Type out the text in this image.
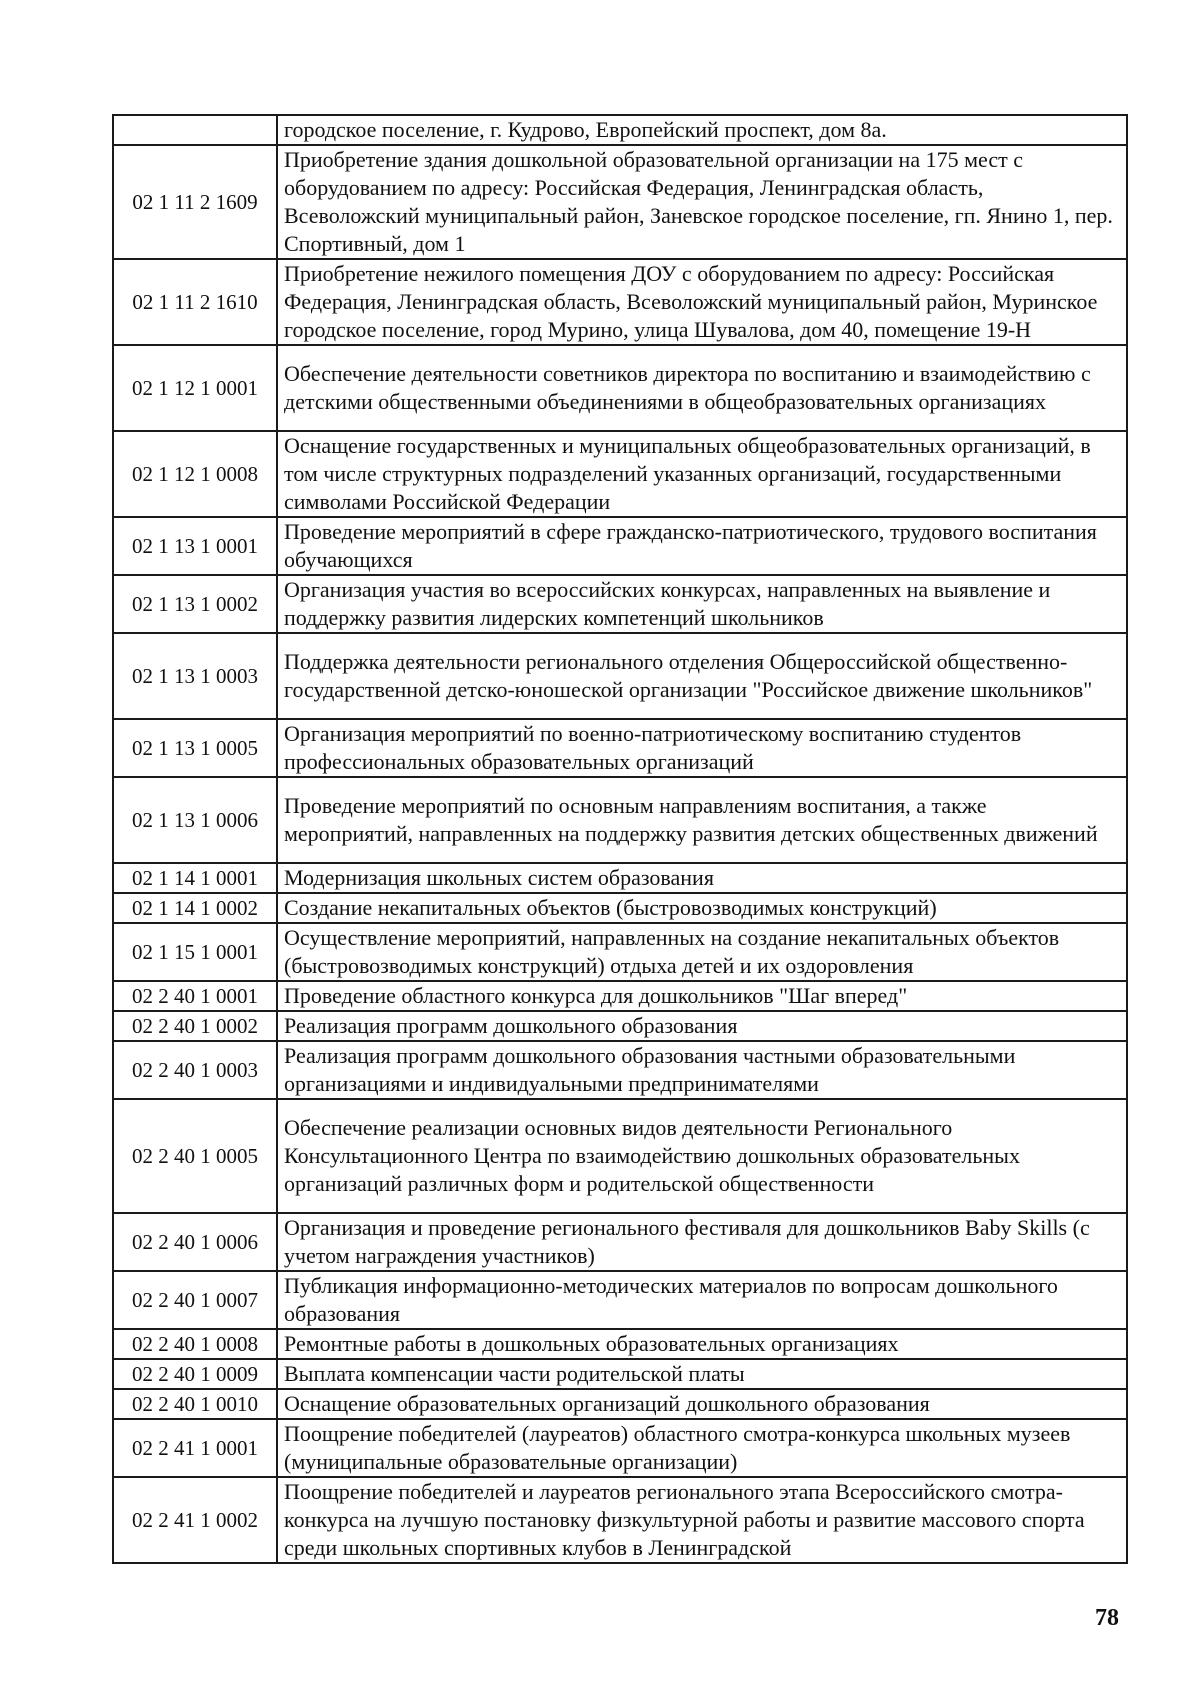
	городское поселение, г. Кудрово, Европейский проспект, дом 8а.
02 1 11 2 1609	Приобретение здания дошкольной образовательной организации на 175 мест с оборудованием по адресу: Российская Федерация, Ленинградская область, Всеволожский муниципальный район, Заневское городское поселение, гп. Янино 1, пер. Спортивный, дом 1
02 1 11 2 1610	Приобретение нежилого помещения ДОУ с оборудованием по адресу: Российская Федерация, Ленинградская область, Всеволожский муниципальный район, Муринское городское поселение, город Мурино, улица Шувалова, дом 40, помещение 19-Н
02 1 12 1 0001	Обеспечение деятельности советников директора по воспитанию и взаимодействию с детскими общественными объединениями в общеобразовательных организациях
02 1 12 1 0008	Оснащение государственных и муниципальных общеобразовательных организаций, в том числе структурных подразделений указанных организаций, государственными символами Российской Федерации
02 1 13 1 0001	Проведение мероприятий в сфере гражданско-патриотического, трудового воспитания обучающихся
02 1 13 1 0002	Организация участия во всероссийских конкурсах, направленных на выявление и поддержку развития лидерских компетенций школьников
02 1 13 1 0003	Поддержка деятельности регионального отделения Общероссийской общественно-государственной детско-юношеской организации "Российское движение школьников"
02 1 13 1 0005	Организация мероприятий по военно-патриотическому воспитанию студентов профессиональных образовательных организаций
02 1 13 1 0006	Проведение мероприятий по основным направлениям воспитания, а также мероприятий, направленных на поддержку развития детских общественных движений
02 1 14 1 0001	Модернизация школьных систем образования
02 1 14 1 0002	Создание некапитальных объектов (быстровозводимых конструкций)
02 1 15 1 0001	Осуществление мероприятий, направленных на создание некапитальных объектов (быстровозводимых конструкций) отдыха детей и их оздоровления
02 2 40 1 0001	Проведение областного конкурса для дошкольников "Шаг вперед"
02 2 40 1 0002	Реализация программ дошкольного образования
02 2 40 1 0003	Реализация программ дошкольного образования частными образовательными организациями и индивидуальными предпринимателями
02 2 40 1 0005	Обеспечение реализации основных видов деятельности Регионального Консультационного Центра по взаимодействию дошкольных образовательных организаций различных форм и родительской общественности
02 2 40 1 0006	Организация и проведение регионального фестиваля для дошкольников Baby Skills (с учетом награждения участников)
02 2 40 1 0007	Публикация информационно-методических материалов по вопросам дошкольного образования
02 2 40 1 0008	Ремонтные работы в дошкольных образовательных организациях
02 2 40 1 0009	Выплата компенсации части родительской платы
02 2 40 1 0010	Оснащение образовательных организаций дошкольного образования
02 2 41 1 0001	Поощрение победителей (лауреатов) областного смотра-конкурса школьных музеев (муниципальные образовательные организации)
02 2 41 1 0002	Поощрение победителей и лауреатов регионального этапа Всероссийского смотра-конкурса на лучшую постановку физкультурной работы и развитие массового спорта среди школьных спортивных клубов в Ленинградской
78
